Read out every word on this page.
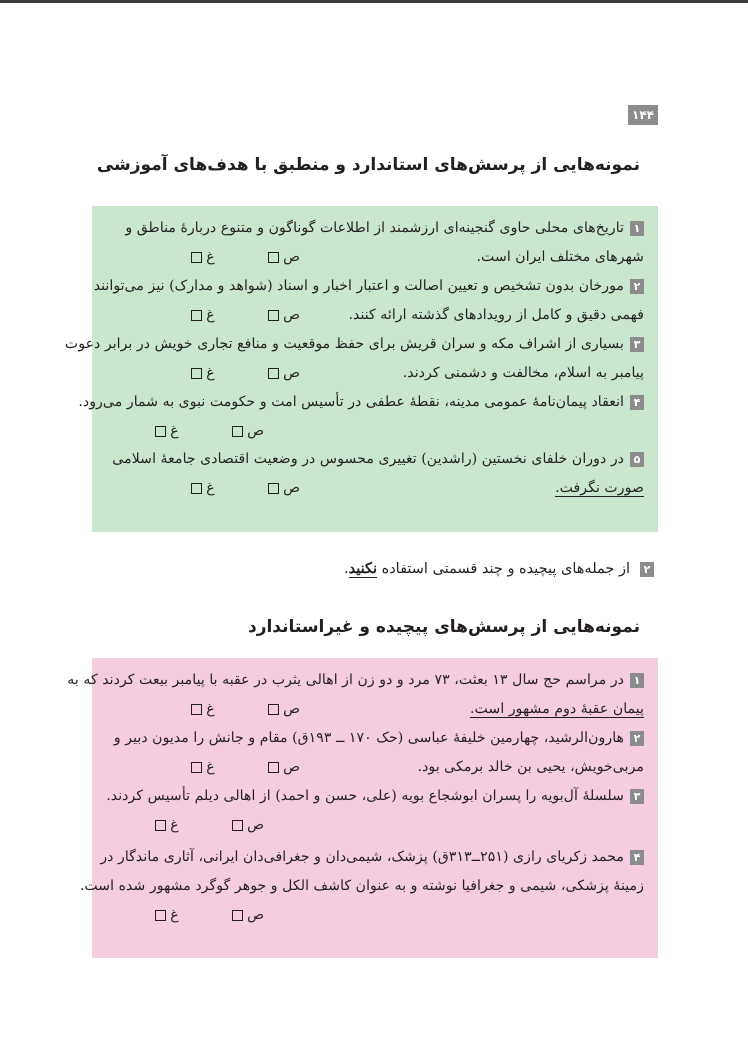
۱۴۴
نمونه‌هایی از پرسش‌های استاندارد و منطبق با هدف‌های آموزشی

۱تاریخ‌های محلی حاوی گنجینه‌ای ارزشمند از اطلاعات گوناگون و متنوع دربارهٔ مناطق و

ص
غ	شهرهای مختلف ایران است.

۲مورخان بدون تشخیص و تعیین اصالت و اعتبار اخبار و اسناد (شواهد و مدارک) نیز می‌توانند

ص
غ	فهمی دقیق و کامل از رویدادهای گذشته ارائه کنند.

۳بسیاری از اشراف مکه و سران قریش برای حفظ موقعیت و منافع تجاری خویش در برابر دعوت

ص
غ	پیامبر به اسلام، مخالفت و دشمنی کردند.

۴انعقاد پیمان‌نامهٔ عمومی مدینه، نقطهٔ عطفی در تأسیس امت و حکومت نبوی به شمار می‌رود.

ص
غ

۵در دوران خلفای نخستین (راشدین) تغییری محسوس در وضعیت اقتصادی جامعهٔ اسلامی

ص
غ	صورت نگرفت.

۲از جمله‌های پیچیده و چند قسمتی استفاده نکنید.
نمونه‌هایی از پرسش‌های پیچیده و غیراستاندارد

۱در مراسم حج سال ۱۳ بعثت، ۷۳ مرد و دو زن از اهالی یثرب در عقبه با پیامبر بیعت کردند که به

ص
غ	پیمان عقبهٔ دوم مشهور است.

۲هارون‌الرشید، چهارمین خلیفهٔ عباسی (حک ۱۷۰ ــ ۱۹۳ق) مقام و جانش را مدیون دبیر و

ص
غ	مربی‌خویش، یحیی بن خالد برمکی بود.

۳سلسلهٔ آل‌بویه را پسران ابوشجاع بویه (علی، حسن و احمد) از اهالی دیلم تأسیس کردند.

ص
غ

۴محمد زکریای رازی (۲۵۱ــ۳۱۳ق) پزشک، شیمی‌دان و جغرافی‌دان ایرانی، آثاری ماندگار در

زمینهٔ پزشکی، شیمی و جغرافیا نوشته و به عنوان کاشف الکل و جوهر گوگرد مشهور شده است.

ص
غ
